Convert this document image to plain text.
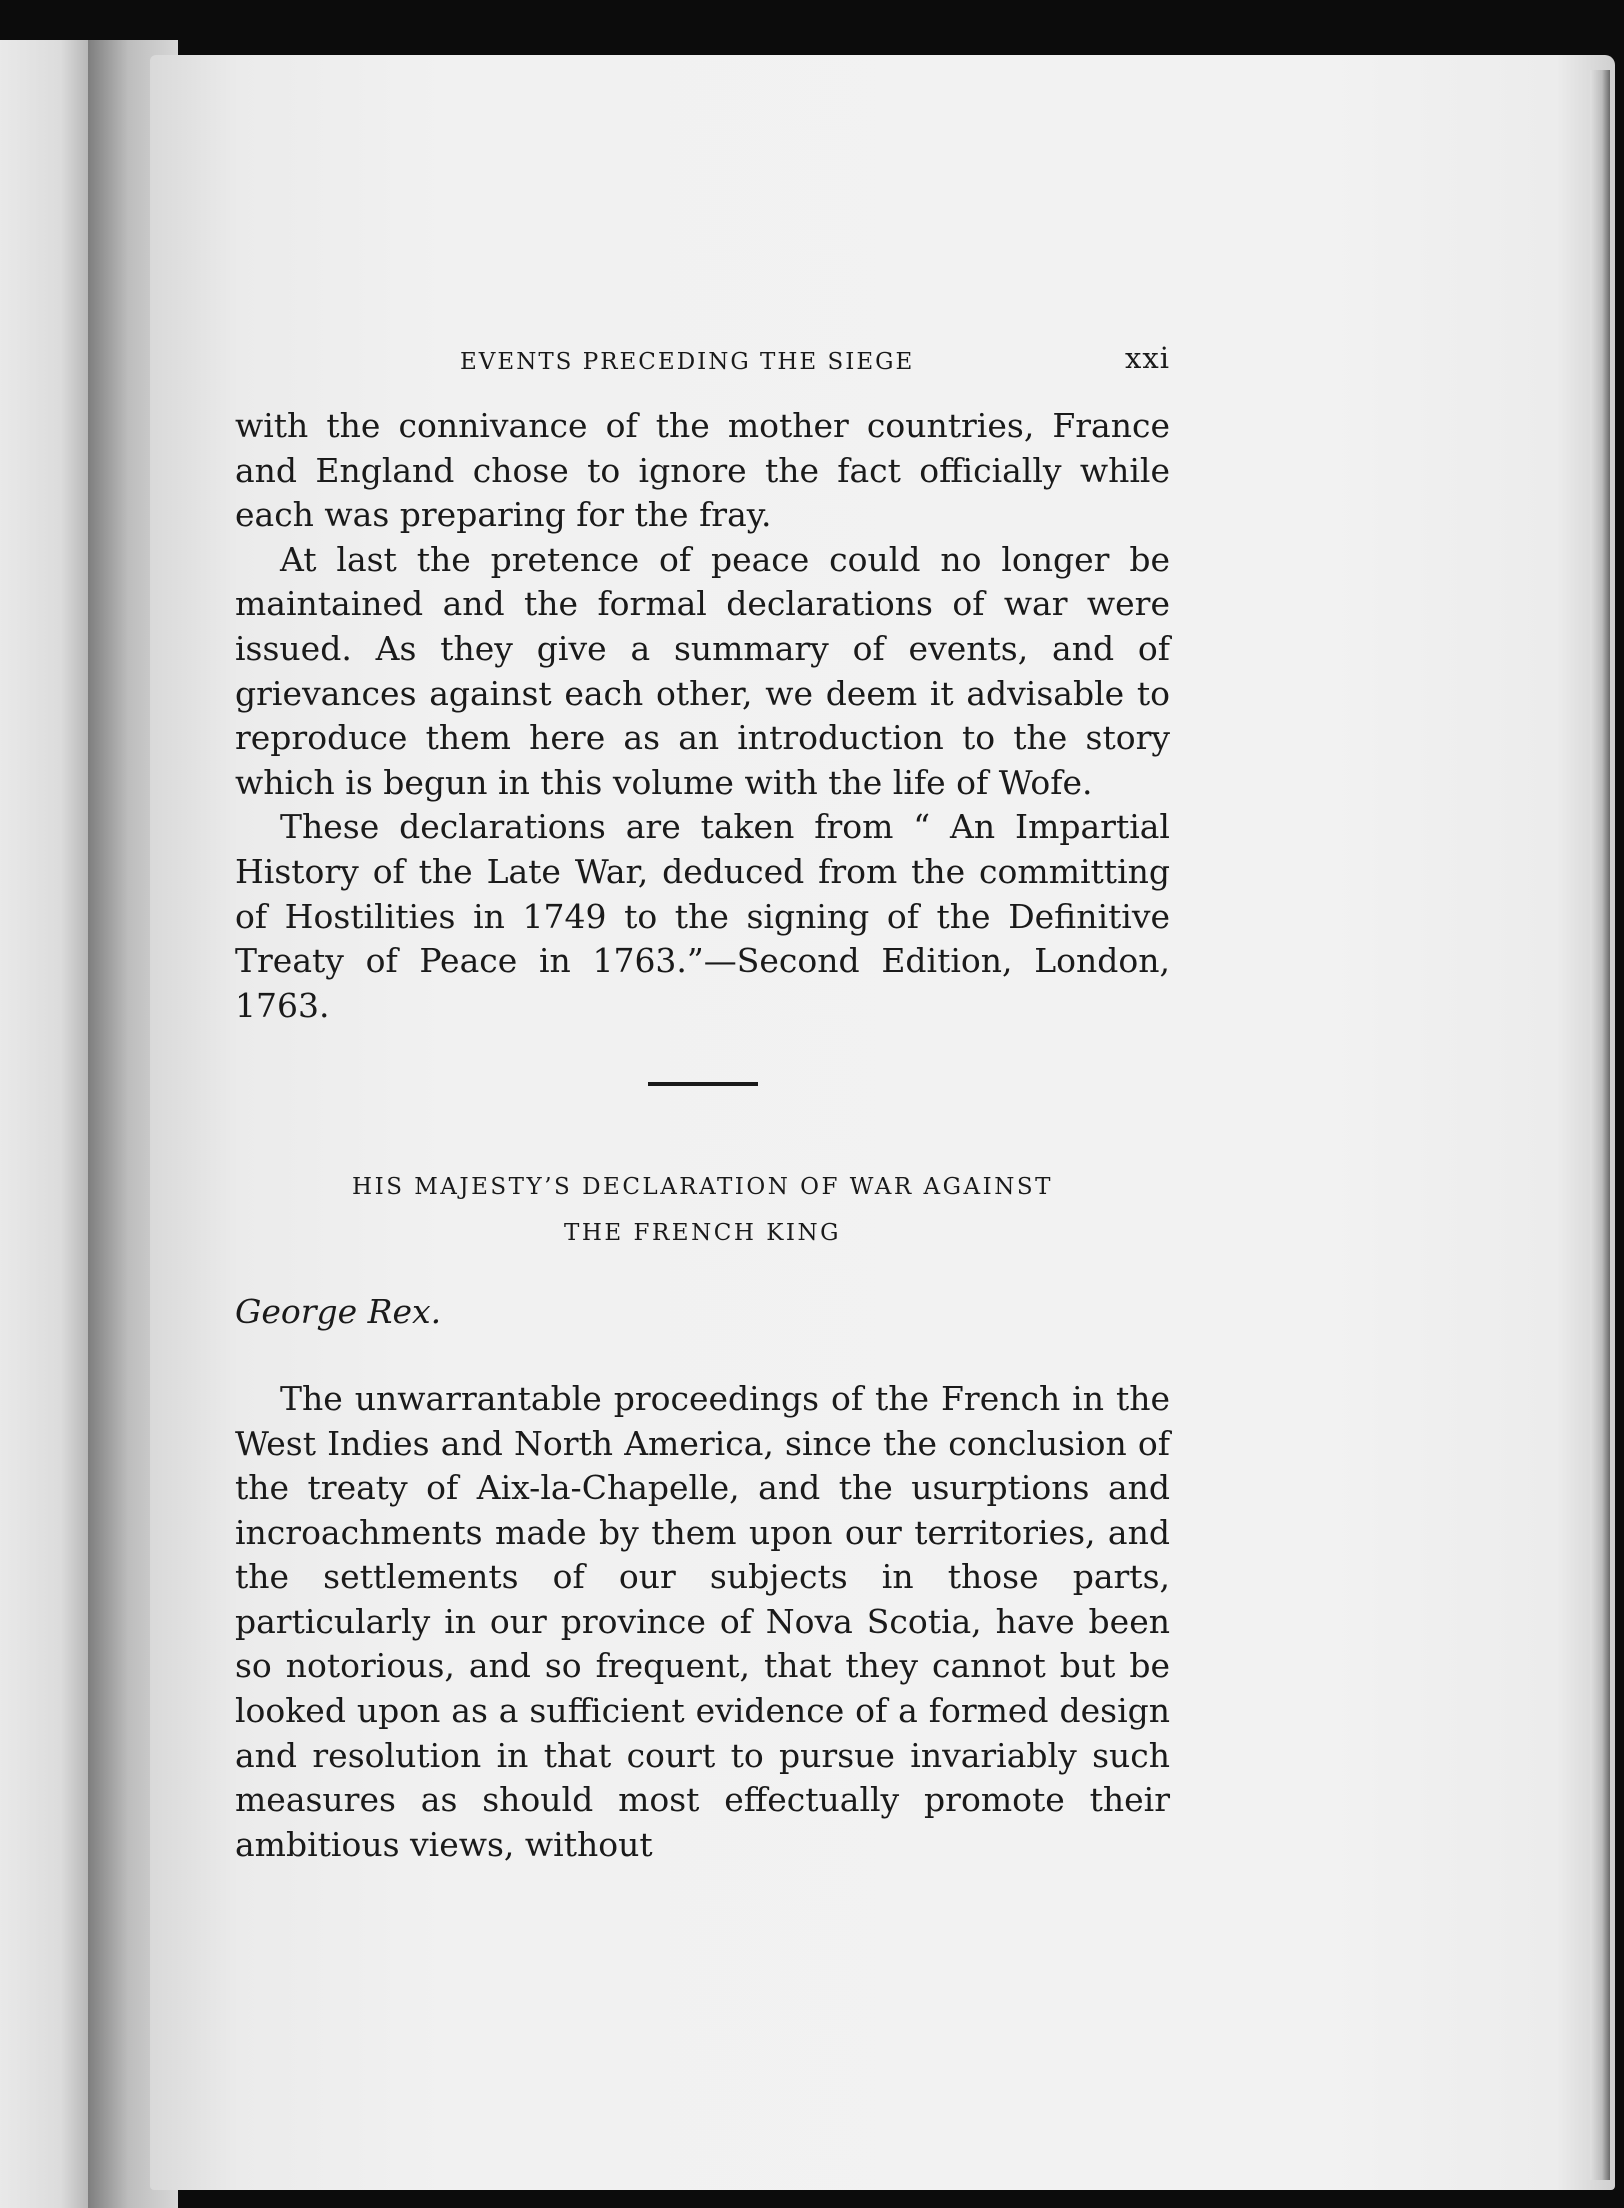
EVENTS PRECEDING THE SIEGE	xxi

with the connivance of the mother countries, France and England chose to ignore the fact officially while each was preparing for the fray.

At last the pretence of peace could no longer be maintained and the formal declarations of war were issued. As they give a summary of events, and of grievances against each other, we deem it advisable to reproduce them here as an introduction to the story which is begun in this volume with the life of Wofe.

These declarations are taken from “ An Impartial History of the Late War, deduced from the committing of Hostilities in 1749 to the signing of the Definitive Treaty of Peace in 1763.”—Second Edition, London, 1763.

HIS MAJESTY’S DECLARATION OF WAR AGAINST
THE FRENCH KING

George Rex.

The unwarrantable proceedings of the French in the West Indies and North America, since the conclusion of the treaty of Aix-la-Chapelle, and the usurptions and incroachments made by them upon our territories, and the settlements of our subjects in those parts, particularly in our province of Nova Scotia, have been so notorious, and so frequent, that they cannot but be looked upon as a sufficient evidence of a formed design and resolution in that court to pursue invariably such measures as should most effectually promote their ambitious views, without
